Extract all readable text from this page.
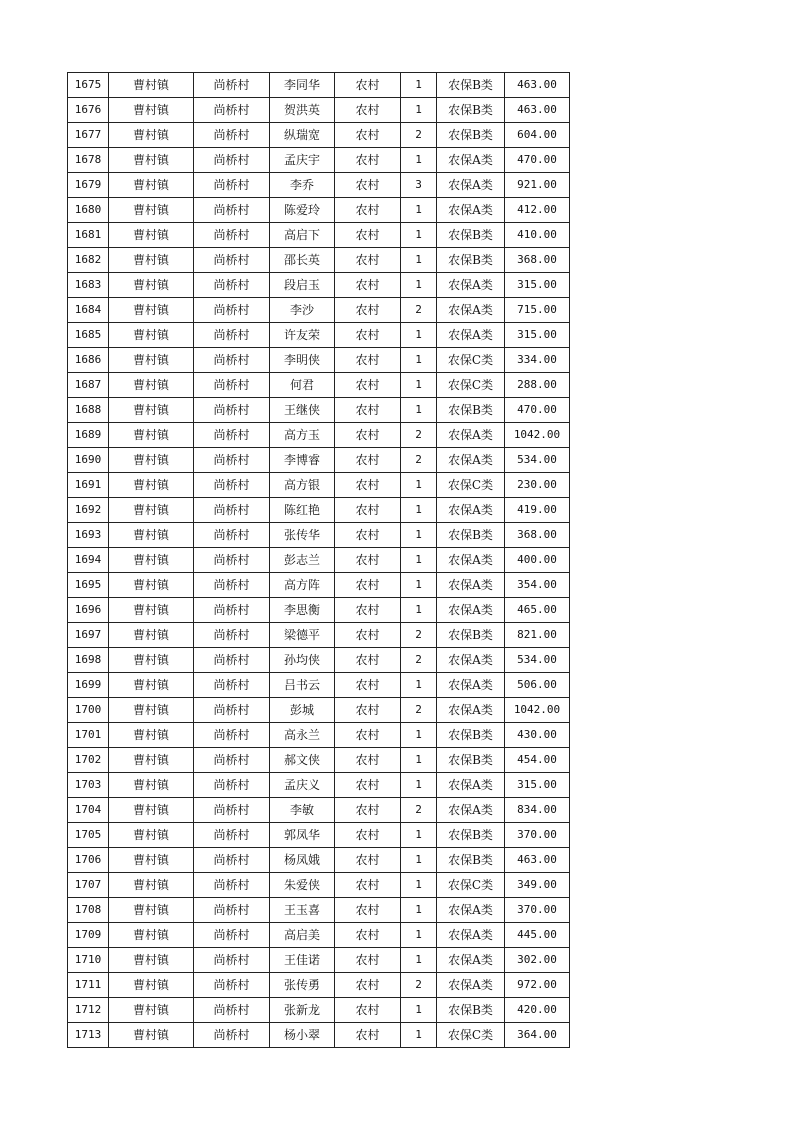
1675	曹村镇	尚桥村	李同华	农村	1	农保B类	463.00
1676	曹村镇	尚桥村	贺洪英	农村	1	农保B类	463.00
1677	曹村镇	尚桥村	纵瑞宽	农村	2	农保B类	604.00
1678	曹村镇	尚桥村	孟庆宇	农村	1	农保A类	470.00
1679	曹村镇	尚桥村	李乔	农村	3	农保A类	921.00
1680	曹村镇	尚桥村	陈爱玲	农村	1	农保A类	412.00
1681	曹村镇	尚桥村	高启下	农村	1	农保B类	410.00
1682	曹村镇	尚桥村	邵长英	农村	1	农保B类	368.00
1683	曹村镇	尚桥村	段启玉	农村	1	农保A类	315.00
1684	曹村镇	尚桥村	李沙	农村	2	农保A类	715.00
1685	曹村镇	尚桥村	许友荣	农村	1	农保A类	315.00
1686	曹村镇	尚桥村	李明侠	农村	1	农保C类	334.00
1687	曹村镇	尚桥村	何君	农村	1	农保C类	288.00
1688	曹村镇	尚桥村	王继侠	农村	1	农保B类	470.00
1689	曹村镇	尚桥村	高方玉	农村	2	农保A类	1042.00
1690	曹村镇	尚桥村	李博睿	农村	2	农保A类	534.00
1691	曹村镇	尚桥村	高方银	农村	1	农保C类	230.00
1692	曹村镇	尚桥村	陈红艳	农村	1	农保A类	419.00
1693	曹村镇	尚桥村	张传华	农村	1	农保B类	368.00
1694	曹村镇	尚桥村	彭志兰	农村	1	农保A类	400.00
1695	曹村镇	尚桥村	高方阵	农村	1	农保A类	354.00
1696	曹村镇	尚桥村	李思衡	农村	1	农保A类	465.00
1697	曹村镇	尚桥村	梁德平	农村	2	农保B类	821.00
1698	曹村镇	尚桥村	孙均侠	农村	2	农保A类	534.00
1699	曹村镇	尚桥村	吕书云	农村	1	农保A类	506.00
1700	曹村镇	尚桥村	彭城	农村	2	农保A类	1042.00
1701	曹村镇	尚桥村	高永兰	农村	1	农保B类	430.00
1702	曹村镇	尚桥村	郝文侠	农村	1	农保B类	454.00
1703	曹村镇	尚桥村	孟庆义	农村	1	农保A类	315.00
1704	曹村镇	尚桥村	李敏	农村	2	农保A类	834.00
1705	曹村镇	尚桥村	郭凤华	农村	1	农保B类	370.00
1706	曹村镇	尚桥村	杨凤娥	农村	1	农保B类	463.00
1707	曹村镇	尚桥村	朱爱侠	农村	1	农保C类	349.00
1708	曹村镇	尚桥村	王玉喜	农村	1	农保A类	370.00
1709	曹村镇	尚桥村	高启美	农村	1	农保A类	445.00
1710	曹村镇	尚桥村	王佳诺	农村	1	农保A类	302.00
1711	曹村镇	尚桥村	张传勇	农村	2	农保A类	972.00
1712	曹村镇	尚桥村	张新龙	农村	1	农保B类	420.00
1713	曹村镇	尚桥村	杨小翠	农村	1	农保C类	364.00
